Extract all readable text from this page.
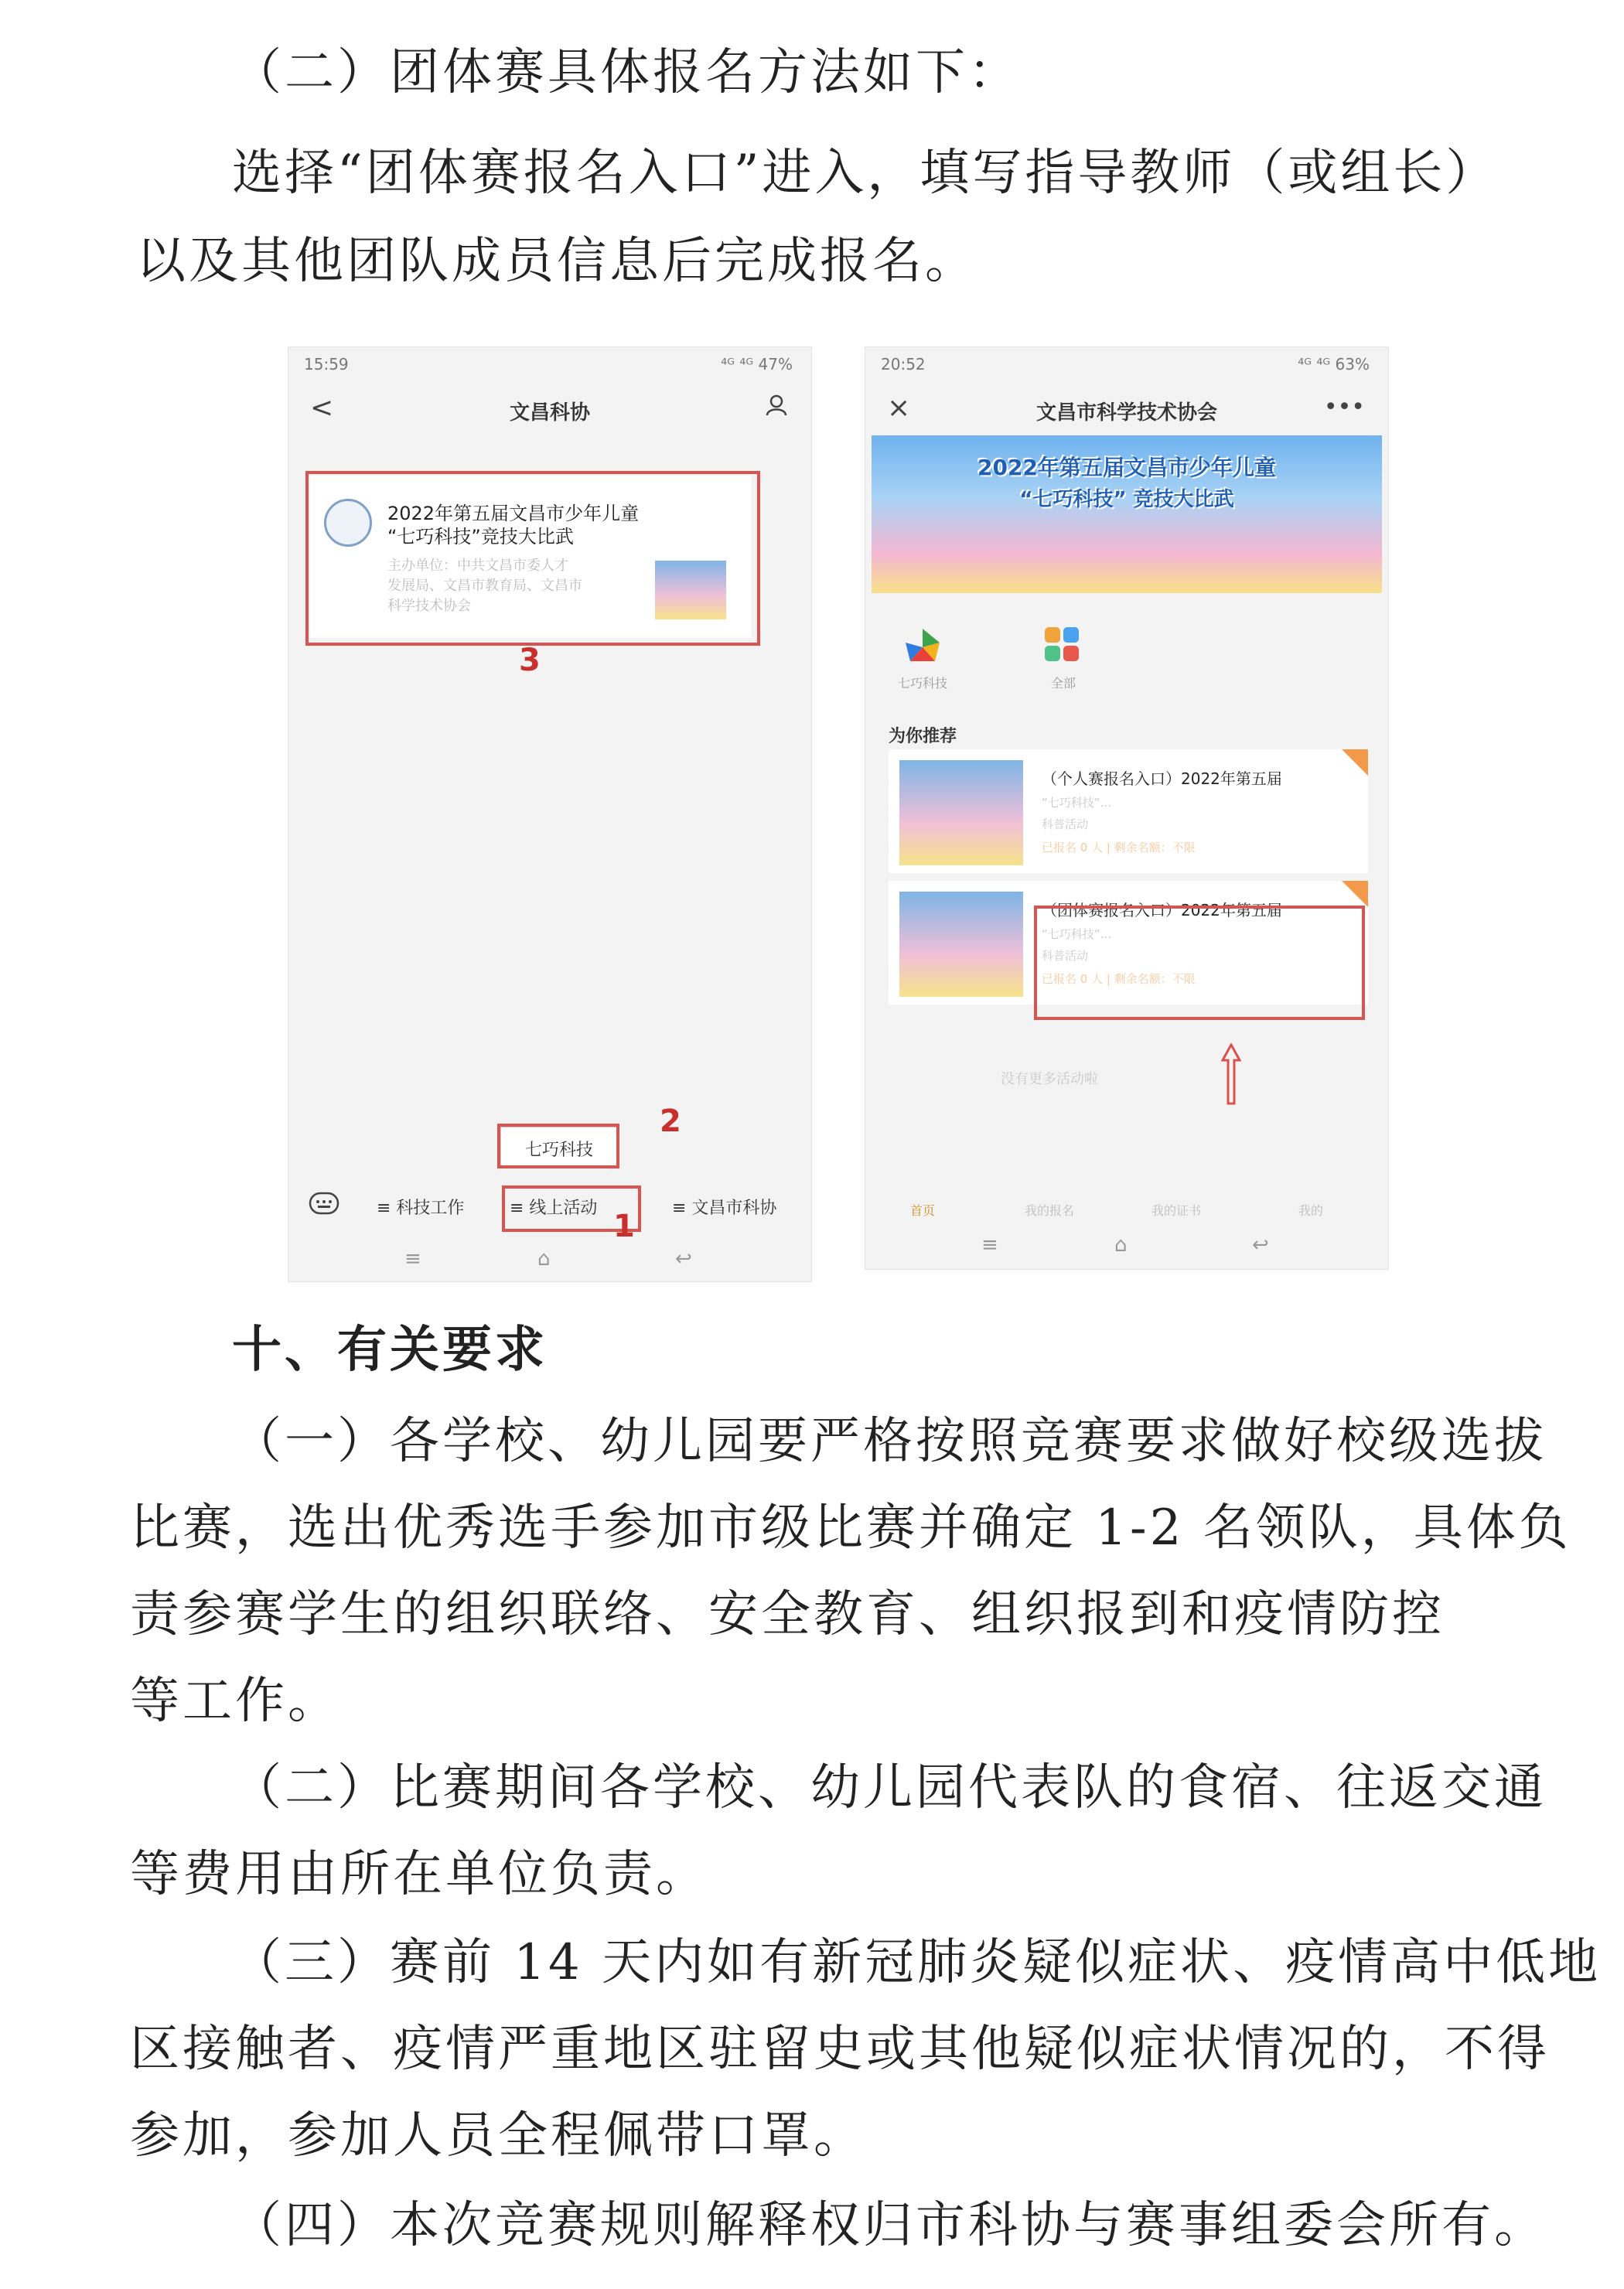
（二）团体赛具体报名方法如下：

选择“团体赛报名入口”进入，填写指导教师（或组长）

以及其他团队成员信息后完成报名。

15:59	⁴ᴳ ⁴ᴳ 47%
<	文昌科协
2022年第五届文昌市少年儿童
“七巧科技”竞技大比武
主办单位：中共文昌市委人才
发展局、文昌市教育局、文昌市
科学技术协会
3
七巧科技
2
≡ 科技工作	≡ 线上活动	≡ 文昌市科协
1
≡	⌂	↩
20:52	⁴ᴳ ⁴ᴳ 63%
×	文昌市科学技术协会	•••
2022年第五届文昌市少年儿童
“七巧科技” 竞技大比武
七巧科技	全部
为你推荐
（个人赛报名入口）2022年第五届
“七巧科技”…
科普活动
已报名 0 人 | 剩余名额：不限
（团体赛报名入口）2022年第五届
“七巧科技”…
科普活动
已报名 0 人 | 剩余名额：不限
没有更多活动啦
首页	我的报名	我的证书	我的
≡	⌂	↩

十、有关要求

（一）各学校、幼儿园要严格按照竞赛要求做好校级选拔

比赛，选出优秀选手参加市级比赛并确定 1-2 名领队，具体负

责参赛学生的组织联络、安全教育、组织报到和疫情防控

等工作。

（二）比赛期间各学校、幼儿园代表队的食宿、往返交通

等费用由所在单位负责。

（三）赛前 14 天内如有新冠肺炎疑似症状、疫情高中低地

区接触者、疫情严重地区驻留史或其他疑似症状情况的，不得

参加，参加人员全程佩带口罩。

（四）本次竞赛规则解释权归市科协与赛事组委会所有。
